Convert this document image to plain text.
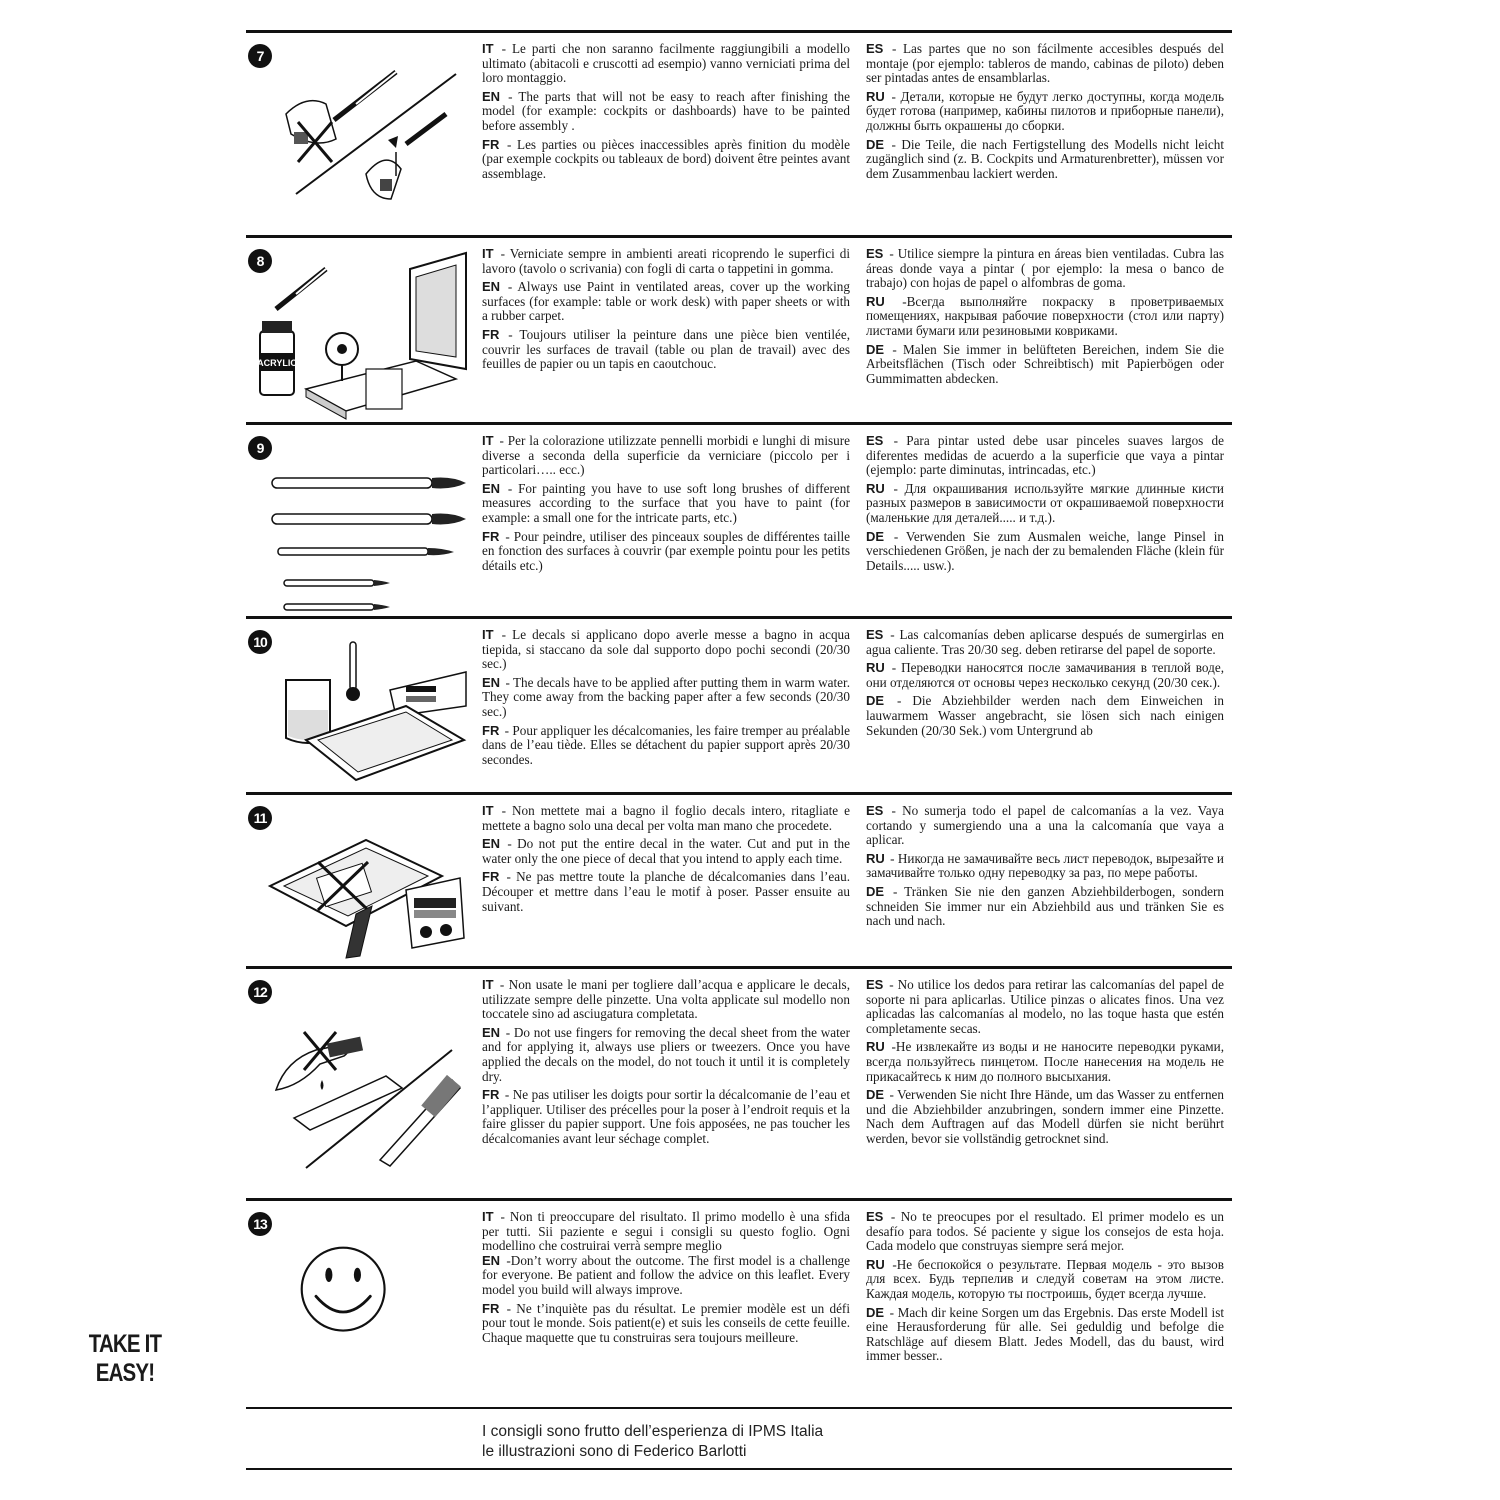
7	IT - Le parti che non saranno facilmente raggiungibili a modello ultimato (abitacoli e cruscotti ad esempio) vanno verniciati prima del loro montaggio.

EN - The parts that will not be easy to reach after finishing the model (for example: cockpits or dashboards) have to be painted before assembly .

FR - Les parties ou pièces inaccessibles après finition du modèle (par exemple cockpits ou tableaux de bord) doivent être peintes avant assemblage.

ES - Las partes que no son fácilmente accesibles después del montaje (por ejemplo: tableros de mando, cabinas de piloto) deben ser pintadas antes de ensamblarlas.

RU - Детали, которые не будут легко доступны, когда модель будет готова (например, кабины пилотов и приборные панели), должны быть окрашены до сборки.

DE - Die Teile, die nach Fertigstellung des Modells nicht leicht zugänglich sind (z. B. Cockpits und Armaturenbretter), müssen vor dem Zusammenbau lackiert werden.

8
ACRYLIC

IT - Verniciate sempre in ambienti areati ricoprendo le superfici di lavoro (tavolo o scrivania) con fogli di carta o tappetini in gomma.

EN - Always use Paint in ventilated areas, cover up the working surfaces (for example: table or work desk) with paper sheets or with a rubber carpet.

FR - Toujours utiliser la peinture dans une pièce bien ventilée, couvrir les surfaces de travail (table ou plan de travail) avec des feuilles de papier ou un tapis en caoutchouc.

ES - Utilice siempre la pintura en áreas bien ventiladas. Cubra las áreas donde vaya a pintar ( por ejemplo: la mesa o banco de trabajo) con hojas de papel o alfombras de goma.

RU -Всегда выполняйте покраску в проветриваемых помещениях, накрывая рабочие поверхности (стол или парту) листами бумаги или резиновыми ковриками.

DE - Malen Sie immer in belüfteten Bereichen, indem Sie die Arbeitsflächen (Tisch oder Schreibtisch) mit Papierbögen oder Gummimatten abdecken.

9	IT - Per la colorazione utilizzate pennelli morbidi e lunghi di misure diverse a seconda della superficie da verniciare (piccolo per i particolari….. ecc.)

EN - For painting you have to use soft long brushes of different measures according to the surface that you have to paint (for example: a small one for the intricate parts, etc.)

FR - Pour peindre, utiliser des pinceaux souples de différentes taille en fonction des surfaces à couvrir (par exemple pointu pour les petits détails etc.)

ES - Para pintar usted debe usar pinceles suaves largos de diferentes medidas de acuerdo a la superficie que vaya a pintar (ejemplo: parte diminutas, intrincadas, etc.)

RU - Для окрашивания используйте мягкие длинные кисти разных размеров в зависимости от окрашиваемой поверхности (маленькие для деталей..... и т.д.).

DE - Verwenden Sie zum Ausmalen weiche, lange Pinsel in verschiedenen Größen, je nach der zu bemalenden Fläche (klein für Details..... usw.).

10	IT - Le decals si applicano dopo averle messe a bagno in acqua tiepida, si staccano da sole dal supporto dopo pochi secondi (20/30 sec.)

EN - The decals have to be applied after putting them in warm water. They come away from the backing paper after a few seconds (20/30 sec.)

FR - Pour appliquer les décalcomanies, les faire tremper au préalable dans de l’eau tiède. Elles se détachent du papier support après 20/30 secondes.

ES - Las calcomanías deben aplicarse después de sumergirlas en agua caliente. Tras 20/30 seg. deben retirarse del papel de soporte.

RU - Переводки наносятся после замачивания в теплой воде, они отделяются от основы через несколько секунд (20/30 сек.).

DE - Die Abziehbilder werden nach dem Einweichen in lauwarmem Wasser angebracht, sie lösen sich nach einigen Sekunden (20/30 Sek.) vom Untergrund ab

11	IT - Non mettete mai a bagno il foglio decals intero, ritagliate e mettete a bagno solo una decal per volta man mano che procedete.

EN - Do not put the entire decal in the water. Cut and put in the water only the one piece of decal that you intend to apply each time.

FR - Ne pas mettre toute la planche de décalcomanies dans l’eau. Découper et mettre dans l’eau le motif à poser. Passer ensuite au suivant.

ES - No sumerja todo el papel de calcomanías a la vez. Vaya cortando y sumergiendo una a una la calcomanía que vaya a aplicar.

RU - Никогда не замачивайте весь лист переводок, вырезайте и замачивайте только одну переводку за раз, по мере работы.

DE - Tränken Sie nie den ganzen Abziehbilderbogen, sondern schneiden Sie immer nur ein Abziehbild aus und tränken Sie es nach und nach.

12	IT - Non usate le mani per togliere dall’acqua e applicare le decals, utilizzate sempre delle pinzette. Una volta applicate sul modello non toccatele sino ad asciugatura completata.

EN - Do not use fingers for removing the decal sheet from the water and for applying it, always use pliers or tweezers. Once you have applied the decals on the model, do not touch it until it is completely dry.

FR - Ne pas utiliser les doigts pour sortir la décalcomanie de l’eau et l’appliquer. Utiliser des précelles pour la poser à l’endroit requis et la faire glisser du papier support. Une fois apposées, ne pas toucher les décalcomanies avant leur séchage complet.

ES - No utilice los dedos para retirar las calcomanías del papel de soporte ni para aplicarlas. Utilice pinzas o alicates finos. Una vez aplicadas las calcomanías al modelo, no las toque hasta que estén completamente secas.

RU -Не извлекайте из воды и не наносите переводки руками, всегда пользуйтесь пинцетом. После нанесения на модель не прикасайтесь к ним до полного высыхания.

DE - Verwenden Sie nicht Ihre Hände, um das Wasser zu entfernen und die Abziehbilder anzubringen, sondern immer eine Pinzette. Nach dem Auftragen auf das Modell dürfen sie nicht berührt werden, bevor sie vollständig getrocknet sind.

13	IT - Non ti preoccupare del risultato. Il primo modello è una sfida per tutti. Sii paziente e segui i consigli su questo foglio. Ogni modellino che costruirai verrà sempre meglio

EN -Don’t worry about the outcome. The first model is a challenge for everyone. Be patient and follow the advice on this leaflet. Every model you build will always improve.

FR - Ne t’inquiète pas du résultat. Le premier modèle est un défi pour tout le monde. Sois patient(e) et suis les conseils de cette feuille. Chaque maquette que tu construiras sera toujours meilleure.

ES - No te preocupes por el resultado. El primer modelo es un desafío para todos. Sé paciente y sigue los consejos de esta hoja. Cada modelo que construyas siempre será mejor.

RU -Не беспокойся о результате. Первая модель - это вызов для всех. Будь терпелив и следуй советам на этом листе. Каждая модель, которую ты построишь, будет всегда лучше.

DE - Mach dir keine Sorgen um das Ergebnis. Das erste Modell ist eine Herausforderung für alle. Sei geduldig und befolge die Ratschläge auf diesem Blatt. Jedes Modell, das du baust, wird immer besser..

I consigli sono frutto dell’esperienza di IPMS Italia
le illustrazioni sono di Federico Barlotti
TAKE IT EASY!
